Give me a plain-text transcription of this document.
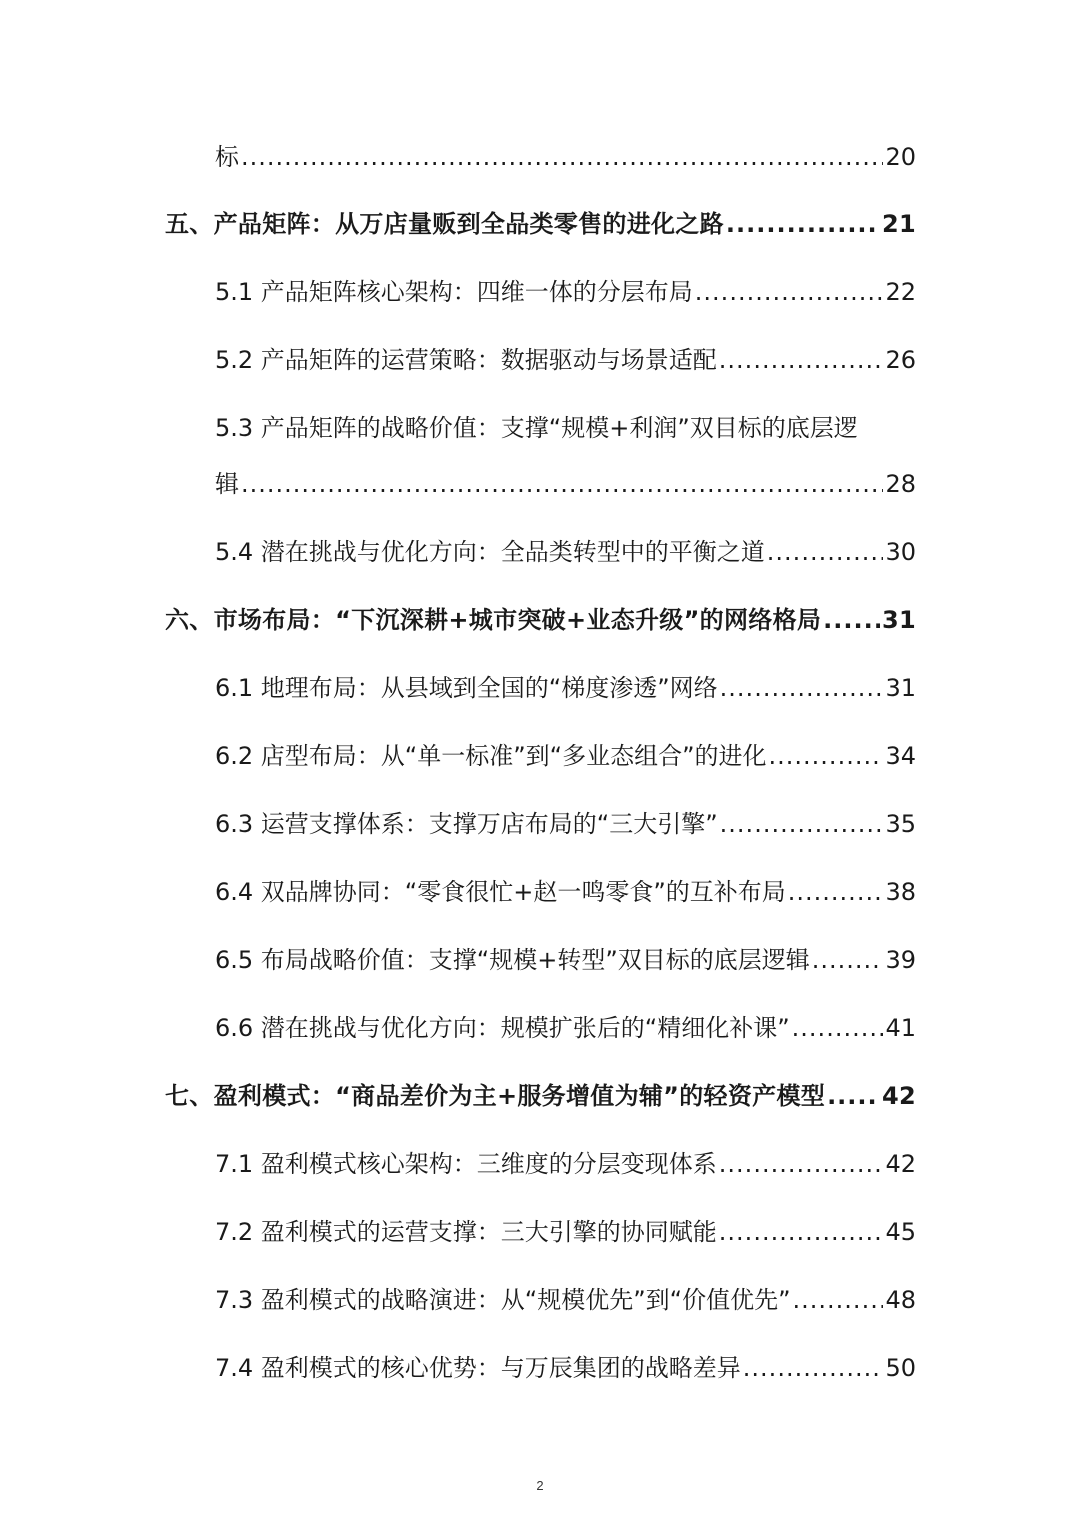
标 .....	20
五、产品矩阵：从万店量贩到全品类零售的进化之路 .....	21
5.1 产品矩阵核心架构：四维一体的分层布局 .....	22
5.2 产品矩阵的运营策略：数据驱动与场景适配 .....	26
5.3 产品矩阵的战略价值：支撑“规模+利润”双目标的底层逻
辑 .....	28
5.4 潜在挑战与优化方向：全品类转型中的平衡之道 .....	30
六、市场布局：“下沉深耕+城市突破+业态升级”的网络格局 .....	31
6.1 地理布局：从县域到全国的“梯度渗透”网络 .....	31
6.2 店型布局：从“单一标准”到“多业态组合”的进化 .....	34
6.3 运营支撑体系：支撑万店布局的“三大引擎” .....	35
6.4 双品牌协同：“零食很忙+赵一鸣零食”的互补布局 .....	38
6.5 布局战略价值：支撑“规模+转型”双目标的底层逻辑 .....	39
6.6 潜在挑战与优化方向：规模扩张后的“精细化补课” .....	41
七、盈利模式：“商品差价为主+服务增值为辅”的轻资产模型 ..... 42
7.1 盈利模式核心架构：三维度的分层变现体系 .....	42
7.2 盈利模式的运营支撑：三大引擎的协同赋能 .....	45
7.3 盈利模式的战略演进：从“规模优先”到“价值优先” .....	48
7.4 盈利模式的核心优势：与万辰集团的战略差异 .....	50
2
